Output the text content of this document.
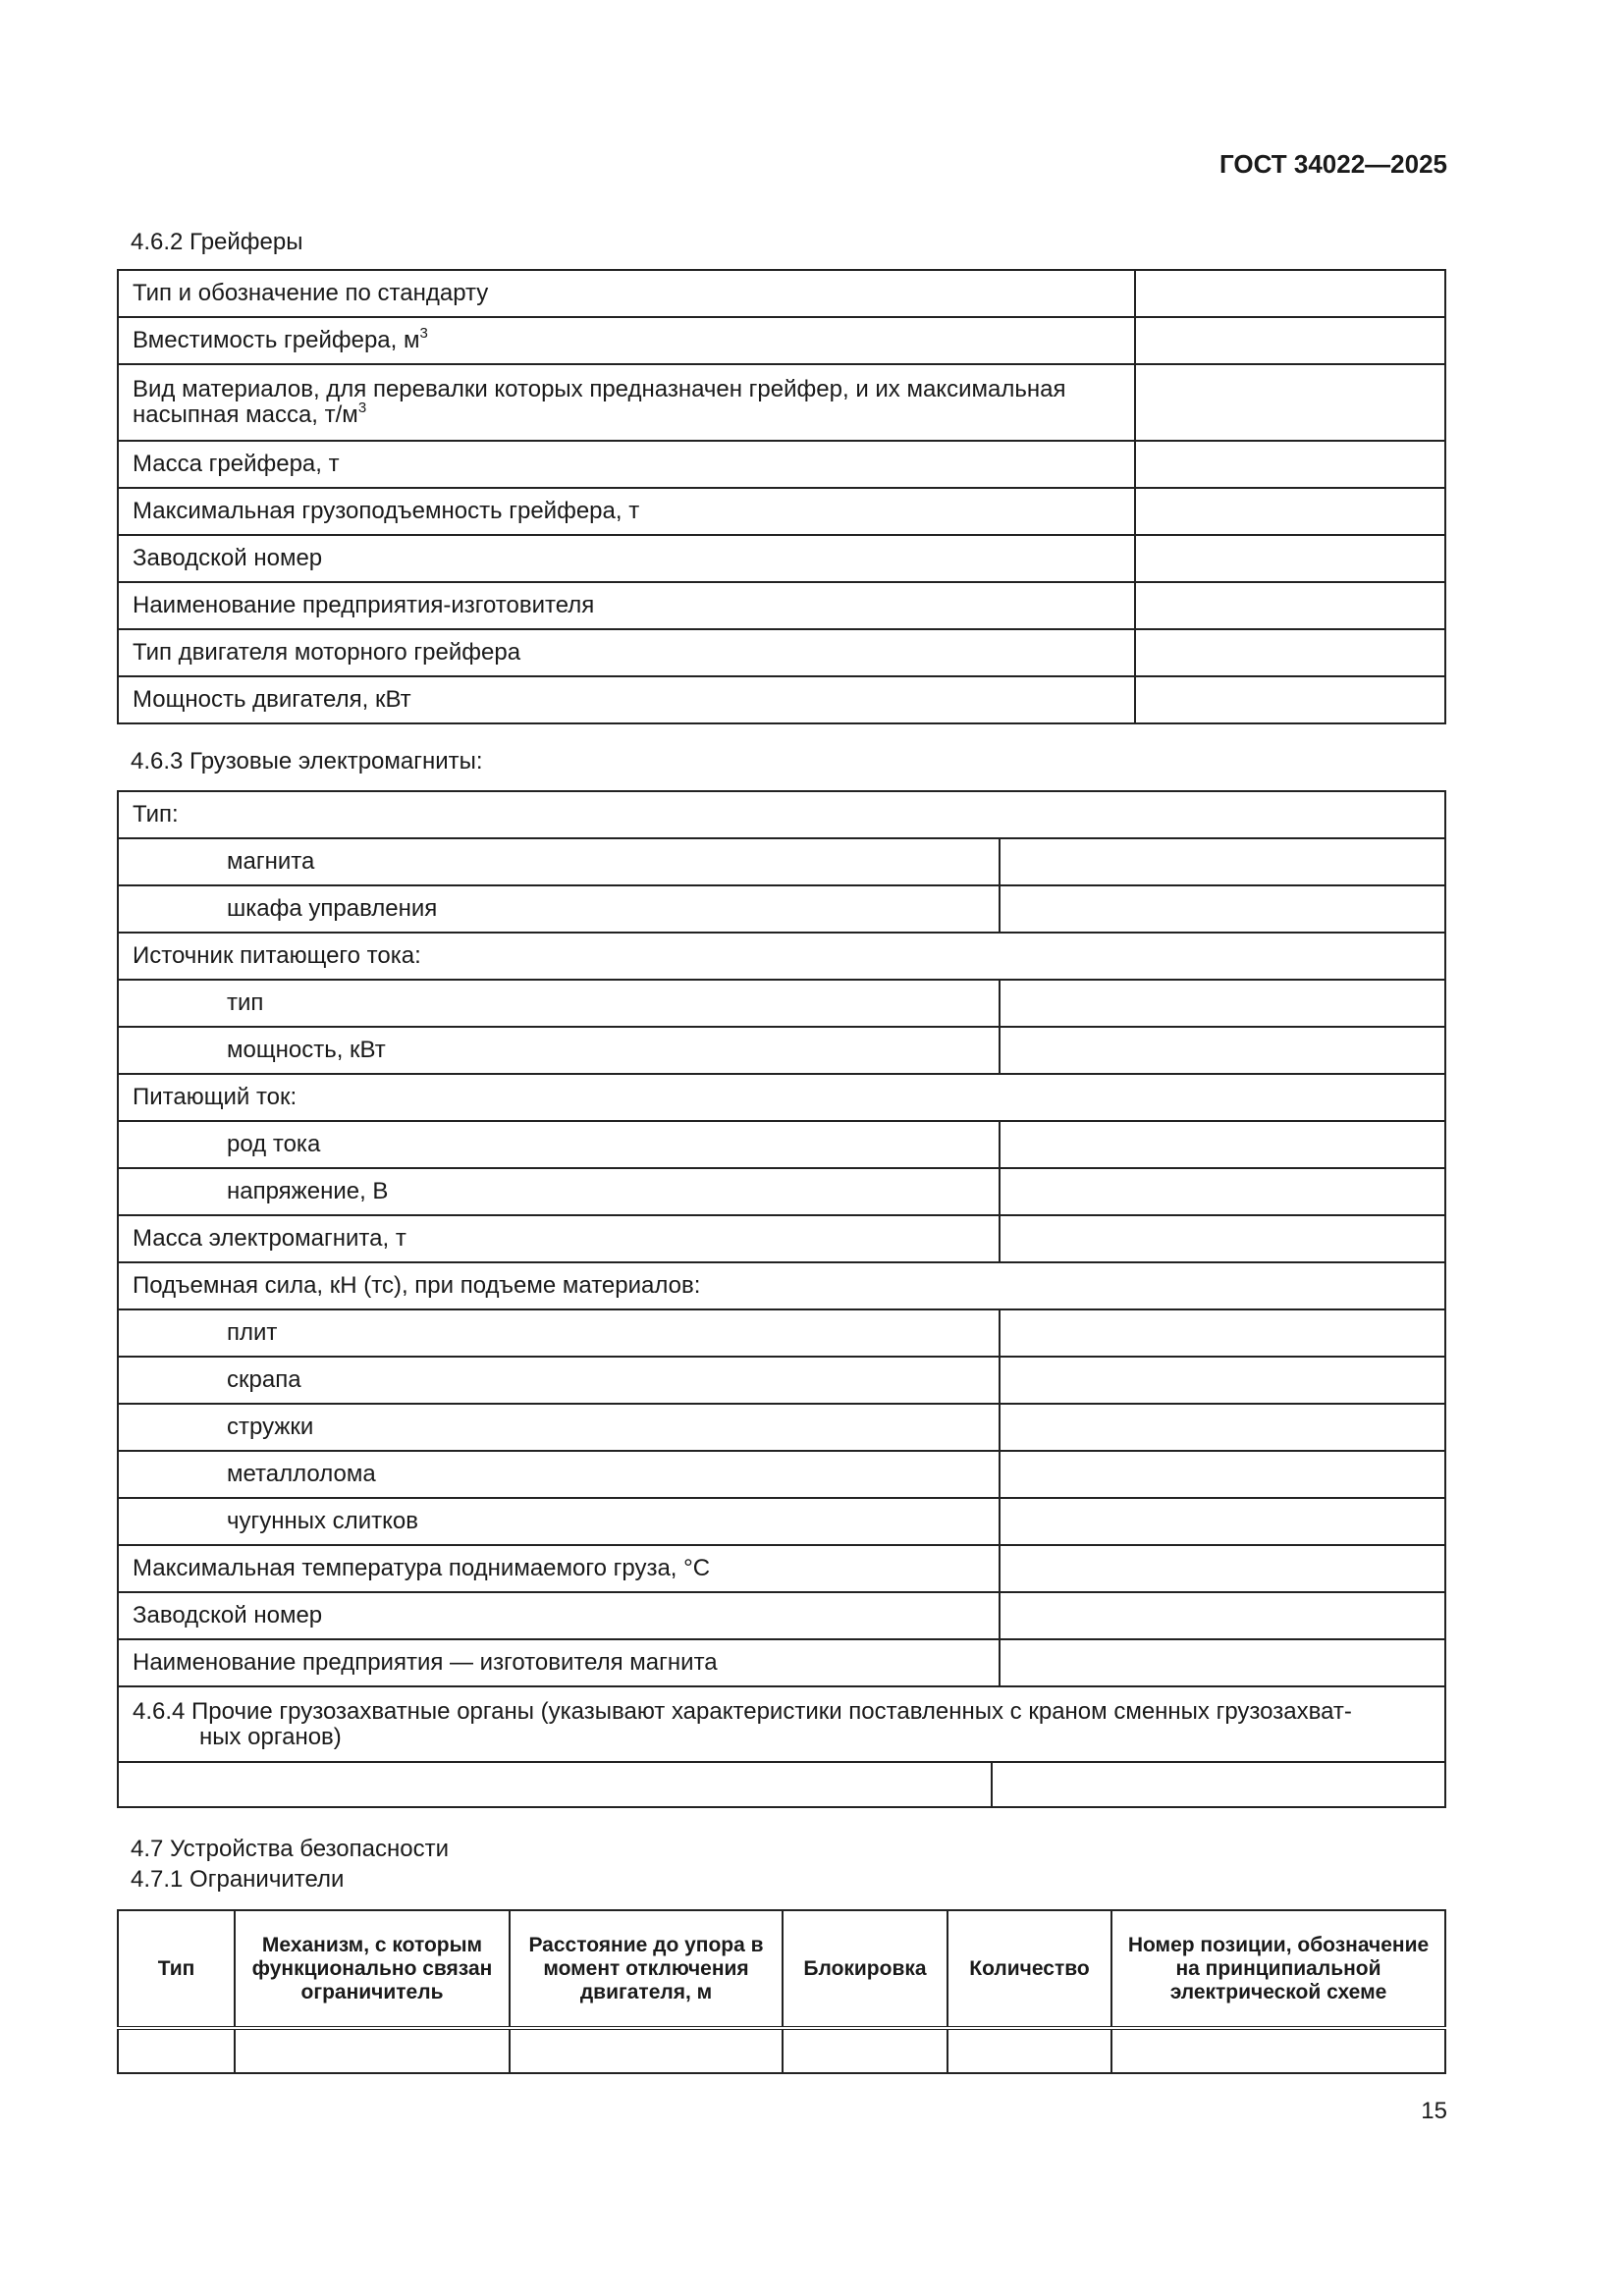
ГОСТ 34022—2025
4.6.2 Грейферы
Тип и обозначение по стандарту	
Вместимость грейфера, $м^3$	
Вид материалов, для перевалки которых предназначен грейфер, и их максимальная
насыпная масса, $т/м^3$	
Масса грейфера, т	
Максимальная грузоподъемность грейфера, т	
Заводской номер	
Наименование предприятия-изготовителя	
Тип двигателя моторного грейфера	
Мощность двигателя, кВт	
4.6.3 Грузовые электромагниты:
Тип:	
магнита	
шкафа управления	
Источник питающего тока:	
тип	
мощность, кВт	
Питающий ток:	
род тока	
напряжение, В	
Масса электромагнита, т	
Подъемная сила, кН (тс), при подъеме материалов:	
плит	
скрапа	
стружки	
металлолома	
чугунных слитков	
Максимальная температура поднимаемого груза, °С	
Заводской номер	
Наименование предприятия — изготовителя магнита	
4.6.4 Прочие грузозахватные органы (указывают характеристики поставленных с краном сменных грузозахват-
ных органов)

4.7 Устройства безопасности
4.7.1 Ограничители
Тип	Механизм, с которым функционально связан ограничитель	Расстояние до упора в момент отключения двигателя, м	Блокировка	Количество	Номер позиции, обозначение на принципиальной электрической схеме

15
